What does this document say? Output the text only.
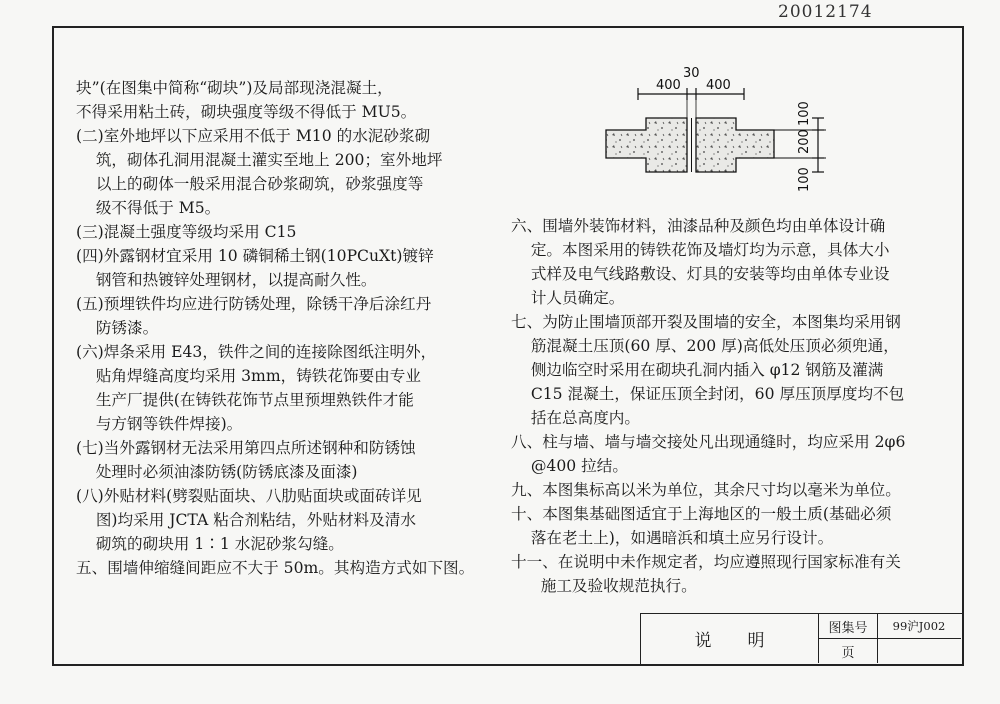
20012174

块”(在图集中简称“砌块”)及局部现浇混凝土，

不得采用粘土砖，砌块强度等级不得低于 MU5。

(二)室外地坪以下应采用不低于 M10 的水泥砂浆砌

筑，砌体孔洞用混凝土灌实至地上 200；室外地坪

以上的砌体一般采用混合砂浆砌筑，砂浆强度等

级不得低于 M5。

(三)混凝土强度等级均采用 C15

(四)外露钢材宜采用 10 磷铜稀土钢(10PCuXt)镀锌

钢管和热镀锌处理钢材，以提高耐久性。

(五)预埋铁件均应进行防锈处理，除锈干净后涂红丹

防锈漆。

(六)焊条采用 E43，铁件之间的连接除图纸注明外，

贴角焊缝高度均采用 3mm，铸铁花饰要由专业

生产厂提供(在铸铁花饰节点里预埋熟铁件才能

与方钢等铁件焊接)。

(七)当外露钢材无法采用第四点所述钢种和防锈蚀

处理时必须油漆防锈(防锈底漆及面漆)

(八)外贴材料(劈裂贴面块、八肋贴面块或面砖详见

图)均采用 JCTA 粘合剂粘结，外贴材料及清水

砌筑的砌块用 1∶1 水泥砂浆勾缝。

五、围墙伸缩缝间距应不大于 50m。其构造方式如下图。

六、围墙外装饰材料，油漆品种及颜色均由单体设计确

定。本图采用的铸铁花饰及墙灯均为示意，具体大小

式样及电气线路敷设、灯具的安装等均由单体专业设

计人员确定。

七、为防止围墙顶部开裂及围墙的安全，本图集均采用钢

筋混凝土压顶(60 厚、200 厚)高低处压顶必须兜通，

侧边临空时采用在砌块孔洞内插入 φ12 钢筋及灌满

C15 混凝土，保证压顶全封闭，60 厚压顶厚度均不包

括在总高度内。

八、柱与墙、墙与墙交接处凡出现通缝时，均应采用 2φ6

@400 拉结。

九、本图集标高以米为单位，其余尺寸均以毫米为单位。

十、本图集基础图适宜于上海地区的一般土质(基础必须

落在老土上)，如遇暗浜和填土应另行设计。

十一、在说明中未作规定者，均应遵照现行国家标准有关

施工及验收规范执行。

400
30
400
100
200
100
说明
图集号	99沪J002
页
